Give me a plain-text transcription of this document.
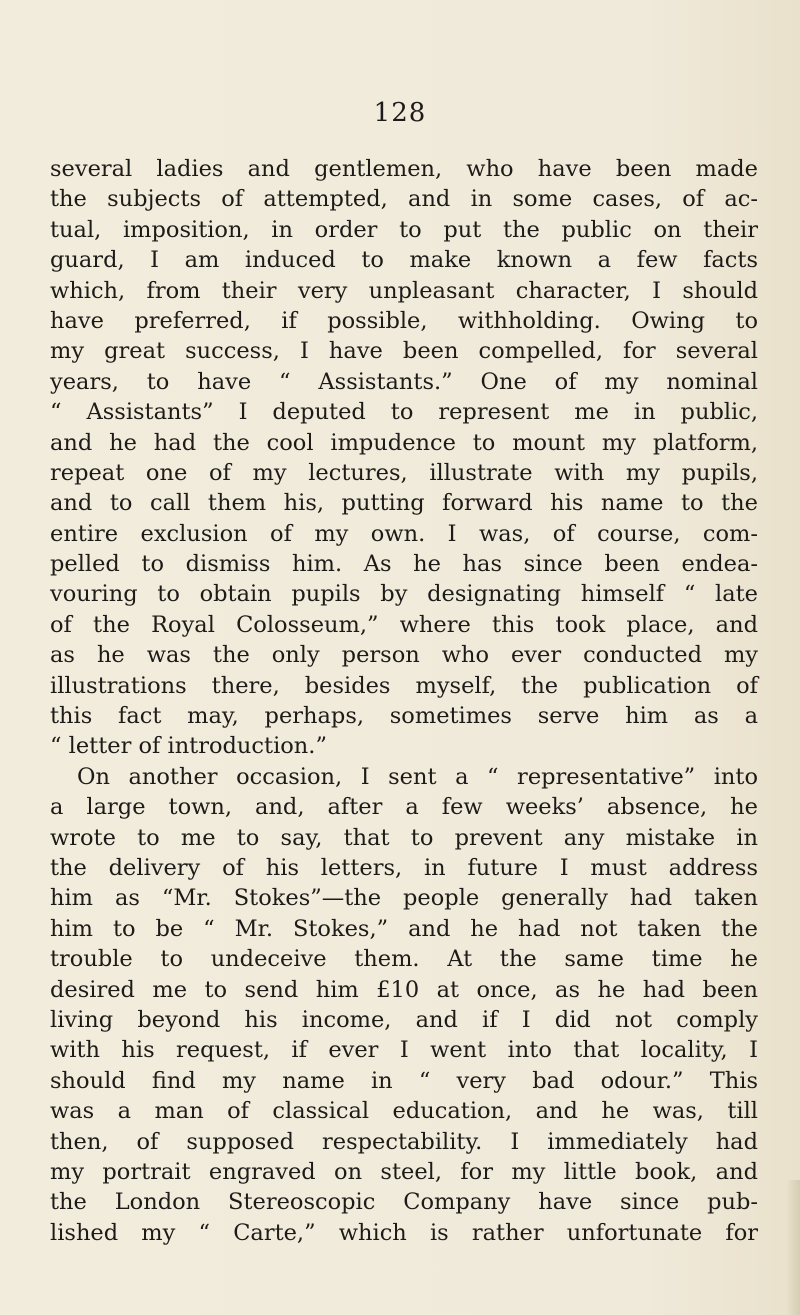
128
several ladies and gentlemen, who have been made
the subjects of attempted, and in some cases, of ac-
tual, imposition, in order to put the public on their
guard, I am induced to make known a few facts
which, from their very unpleasant character, I should
have preferred, if possible, withholding. Owing to
my great success, I have been compelled, for several
years, to have “ Assistants.” One of my nominal
“ Assistants” I deputed to represent me in public,
and he had the cool impudence to mount my platform,
repeat one of my lectures, illustrate with my pupils,
and to call them his, putting forward his name to the
entire exclusion of my own. I was, of course, com-
pelled to dismiss him. As he has since been endea-
vouring to obtain pupils by designating himself “ late
of the Royal Colosseum,” where this took place, and
as he was the only person who ever conducted my
illustrations there, besides myself, the publication of
this fact may, perhaps, sometimes serve him as a
“ letter of introduction.”
On another occasion, I sent a “ representative” into
a large town, and, after a few weeks’ absence, he
wrote to me to say, that to prevent any mistake in
the delivery of his letters, in future I must address
him as “Mr. Stokes”—the people generally had taken
him to be “ Mr. Stokes,” and he had not taken the
trouble to undeceive them. At the same time he
desired me to send him £10 at once, as he had been
living beyond his income, and if I did not comply
with his request, if ever I went into that locality, I
should find my name in “ very bad odour.” This
was a man of classical education, and he was, till
then, of supposed respectability. I immediately had
my portrait engraved on steel, for my little book, and
the London Stereoscopic Company have since pub-
lished my “ Carte,” which is rather unfortunate for
